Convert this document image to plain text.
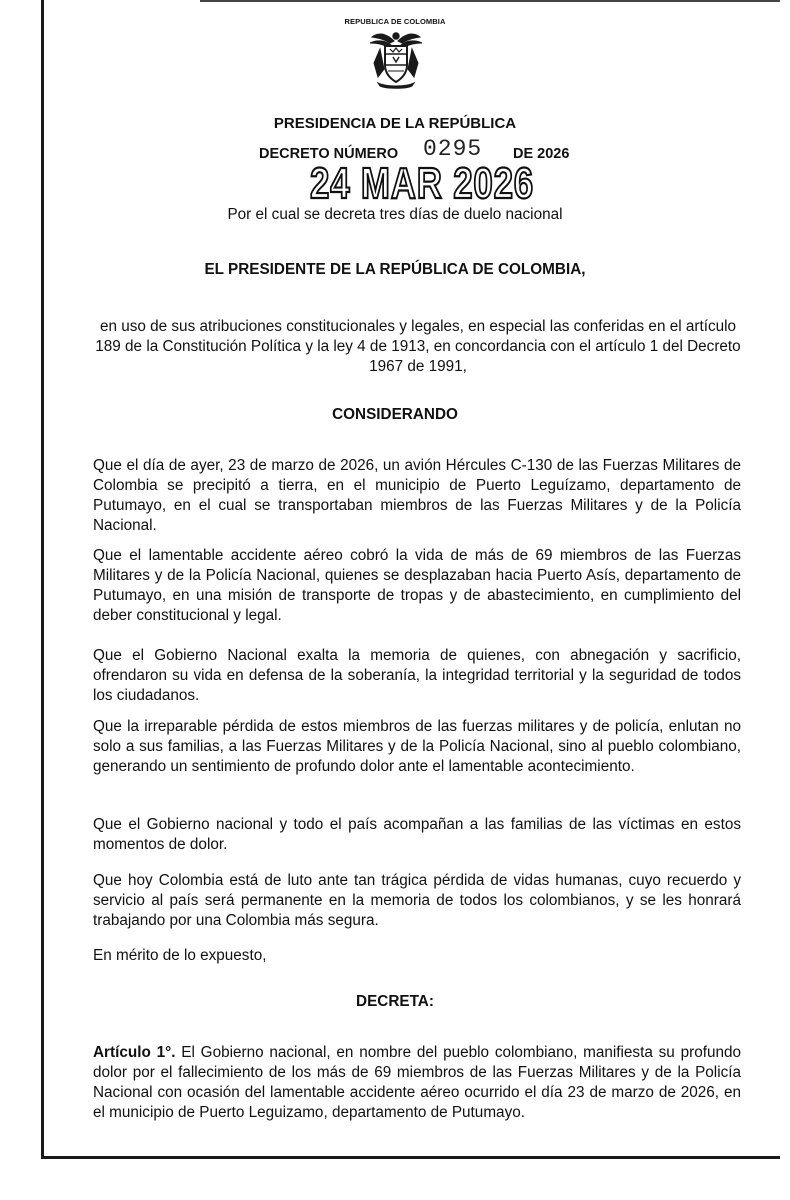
REPUBLICA DE COLOMBIA
PRESIDENCIA DE LA REPÚBLICA
DECRETO NÚMERO 0295 DE 2026
24 MAR 2026
Por el cual se decreta tres días de duelo nacional
EL PRESIDENTE DE LA REPÚBLICA DE COLOMBIA,
en uso de sus atribuciones constitucionales y legales, en especial las conferidas en el artículo 189 de la Constitución Política y la ley 4 de 1913, en concordancia con el artículo 1 del Decreto 1967 de 1991,
CONSIDERANDO
Que el día de ayer, 23 de marzo de 2026, un avión Hércules C-130 de las Fuerzas Militares de Colombia se precipitó a tierra, en el municipio de Puerto Leguízamo, departamento de Putumayo, en el cual se transportaban miembros de las Fuerzas Militares y de la Policía Nacional.
Que el lamentable accidente aéreo cobró la vida de más de 69 miembros de las Fuerzas Militares y de la Policía Nacional, quienes se desplazaban hacia Puerto Asís, departamento de Putumayo, en una misión de transporte de tropas y de abastecimiento, en cumplimiento del deber constitucional y legal.
Que el Gobierno Nacional exalta la memoria de quienes, con abnegación y sacrificio, ofrendaron su vida en defensa de la soberanía, la integridad territorial y la seguridad de todos los ciudadanos.
Que la irreparable pérdida de estos miembros de las fuerzas militares y de policía, enlutan no solo a sus familias, a las Fuerzas Militares y de la Policía Nacional, sino al pueblo colombiano, generando un sentimiento de profundo dolor ante el lamentable acontecimiento.
Que el Gobierno nacional y todo el país acompañan a las familias de las víctimas en estos momentos de dolor.
Que hoy Colombia está de luto ante tan trágica pérdida de vidas humanas, cuyo recuerdo y servicio al país será permanente en la memoria de todos los colombianos, y se les honrará trabajando por una Colombia más segura.
En mérito de lo expuesto,
DECRETA:
Artículo 1°. El Gobierno nacional, en nombre del pueblo colombiano, manifiesta su profundo dolor por el fallecimiento de los más de 69 miembros de las Fuerzas Militares y de la Policía Nacional con ocasión del lamentable accidente aéreo ocurrido el día 23 de marzo de 2026, en el municipio de Puerto Leguizamo, departamento de Putumayo.
